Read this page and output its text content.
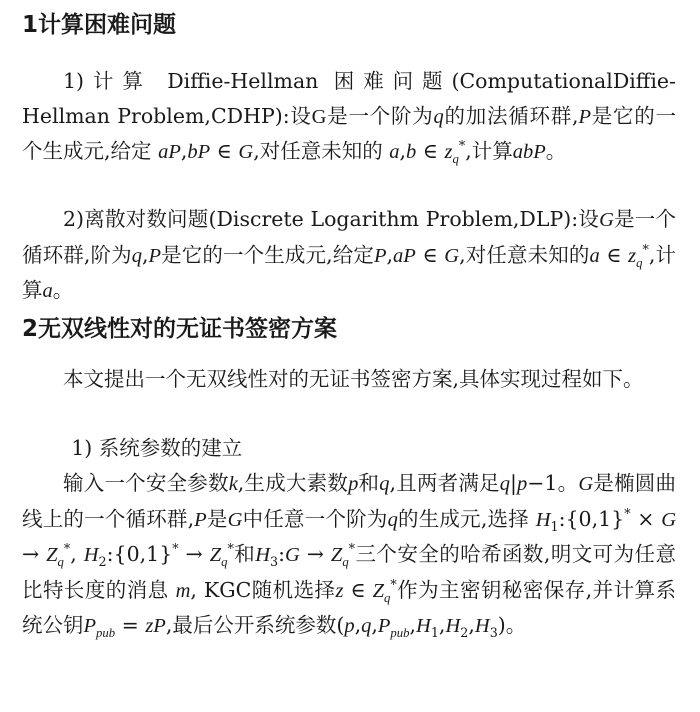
1计算困难问题

1)计算 Diffie-Hellman 困难问题(ComputationalDiffie-Hellman Problem,CDHP):设G是一个阶为q的加法循环群,P是它的一个生成元,给定 aP,bP ∈ G,对任意未知的 a,b ∈ $z_q^*$,计算abP。

2)离散对数问题(Discrete Logarithm Problem,DLP):设G是一个循环群,阶为q,P是它的一个生成元,给定P,aP ∈ G,对任意未知的a ∈ $z_q^*$,计算a。

2无双线性对的无证书签密方案

本文提出一个无双线性对的无证书签密方案,具体实现过程如下。

1) 系统参数的建立

输入一个安全参数k,生成大素数p和q,且两者满足q|p−1。G是椭圆曲线上的一个循环群,P是G中任意一个阶为q的生成元,选择 $H_1:\{0,1\}^* \times G \to Z_q^*$, $H_2:\{0,1\}^* \to Z_q^*$和$H_3:G \to Z_q^*$三个安全的哈希函数,明文可为任意比特长度的消息 m, KGC随机选择z ∈ $Z_q^*$作为主密钥秘密保存,并计算系统公钥$P_{pub}$ = zP,最后公开系统参数$(p,q,P_{pub},H_1,H_2,H_3)$。
